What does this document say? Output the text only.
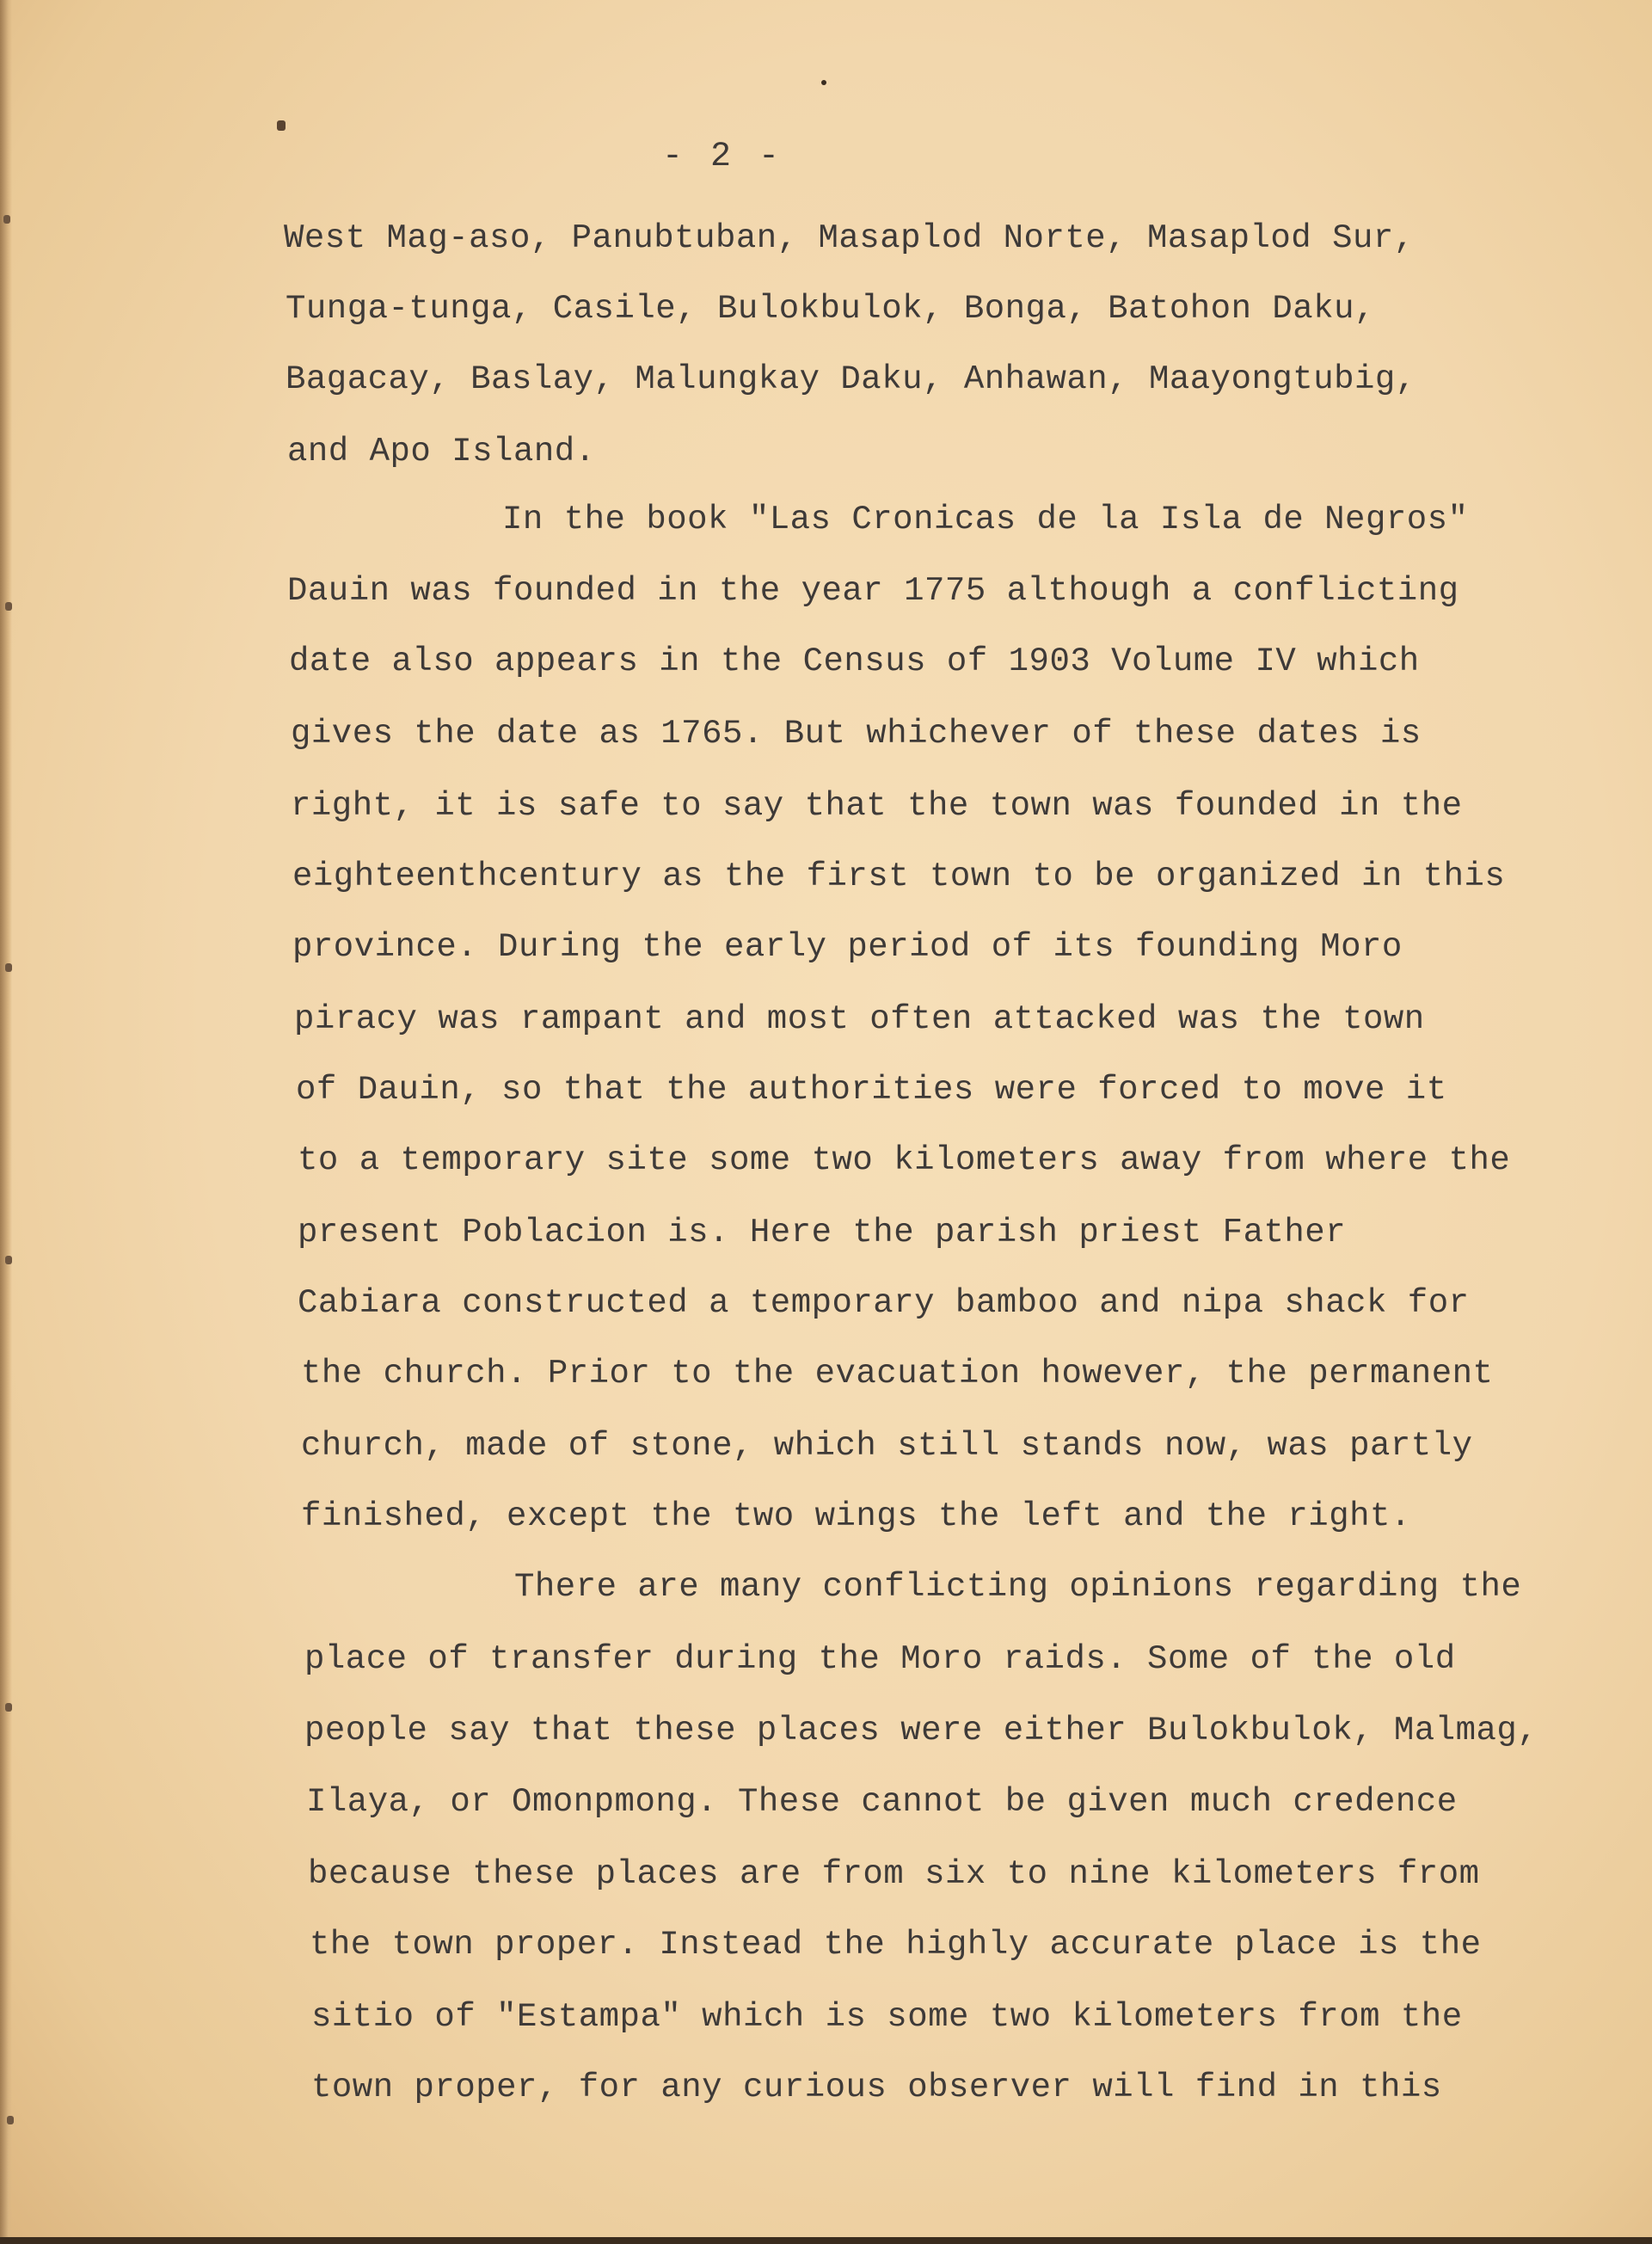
- 2 -
West Mag-aso, Panubtuban, Masaplod Norte, Masaplod Sur,
Tunga-tunga, Casile, Bulokbulok, Bonga, Batohon Daku,
Bagacay, Baslay, Malungkay Daku, Anhawan, Maayongtubig,
and Apo Island.
In the book "Las Cronicas de la Isla de Negros"
Dauin was founded in the year 1775 although a conflicting
date also appears in the Census of 1903 Volume IV which
gives the date as 1765. But whichever of these dates is
right, it is safe to say that the town was founded in the
eighteenthcentury as the first town to be organized in this
province. During the early period of its founding Moro
piracy was rampant and most often attacked was the town
of Dauin, so that the authorities were forced to move it
to a temporary site some two kilometers away from where the
present Poblacion is. Here the parish priest Father
Cabiara constructed a temporary bamboo and nipa shack for
the church. Prior to the evacuation however, the permanent
church, made of stone, which still stands now, was partly
finished, except the two wings the left and the right.
There are many conflicting opinions regarding the
place of transfer during the Moro raids. Some of the old
people say that these places were either Bulokbulok, Malmag,
Ilaya, or Omonpmong. These cannot be given much credence
because these places are from six to nine kilometers from
the town proper. Instead the highly accurate place is the
sitio of "Estampa" which is some two kilometers from the
town proper, for any curious observer will find in this
